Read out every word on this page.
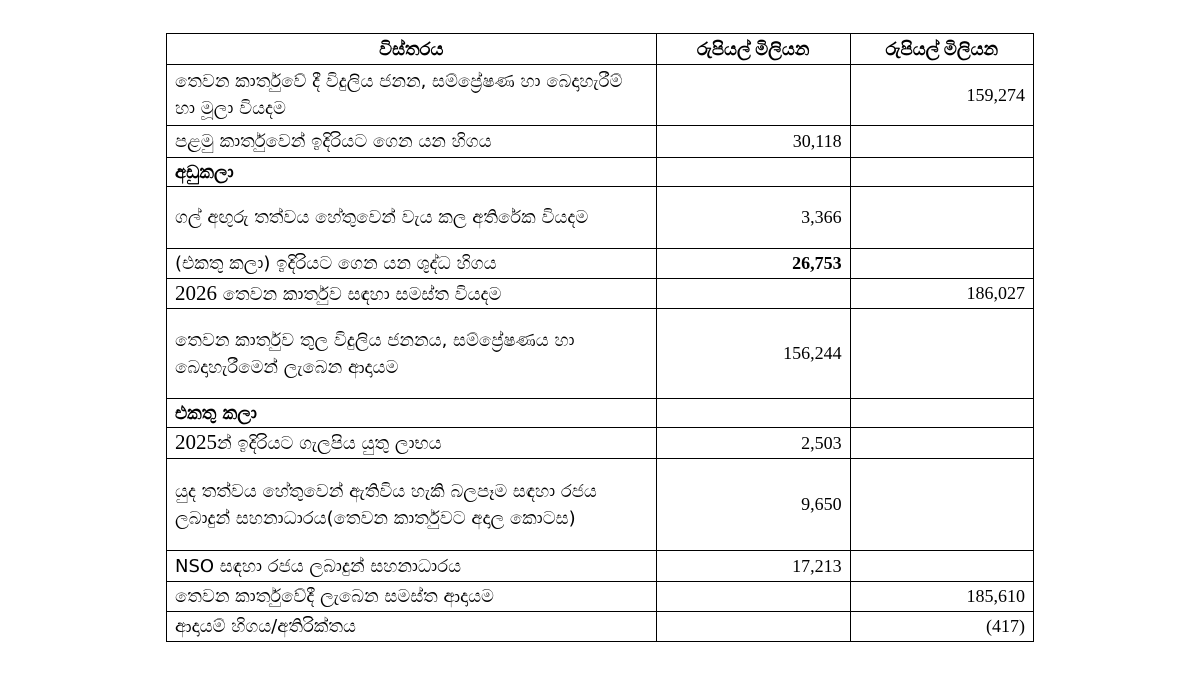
විස්තරය	රුපියල් මිලියන	රුපියල් මිලියන
තෙවන කාර්තුවේ දී විදුලිය ජනන, සම්ප්‍රේෂණ හා බෙදාහැරීම් හා මූලා වියදම		159,274
පළමු කාර්තුවෙන් ඉදිරියට ගෙන යන හිගය	30,118	
අඩුකලා		
ගල් අඟුරු තත්වය හේතුවෙන් වැය කල අතිරේක වියදම	3,366	
(එකතු කලා) ඉදිරියට ගෙන යන ශුද්ධ හිගය	26,753	
2026 තෙවන කාර්තුව සඳහා සමස්ත වියදම		186,027
තෙවන කාර්තුව තුල විදුලිය ජනනය, සම්ප්‍රේෂණය හා බෙදාහැරීමෙන් ලැබෙන ආදායම	156,244	
එකතු කලා		
2025න් ඉදිරියට ගැලපිය යුතු ලාභය	2,503	
යුද තත්වය හේතුවෙන් ඇතිවිය හැකි බලපෑම සඳහා රජය ලබාදුන් සහනාධාරය(තෙවන කාර්තුවට අදාල කොටස)	9,650	
NSO සඳහා රජය ලබාදුන් සහනාධාරය	17,213	
තෙවන කාර්තුවේදී ලැබෙන සමස්ත ආදායම		185,610
ආදායම් හිගය/අතිරික්තය		(417)
